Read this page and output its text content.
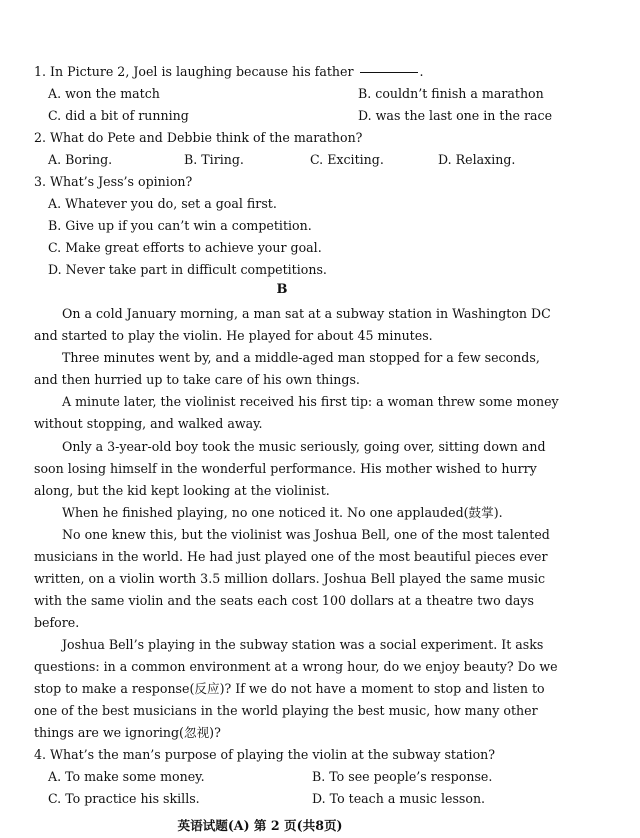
1. In Picture 2, Joel is laughing because his father	.
A. won the match	B. couldn’t finish a marathon
C. did a bit of running	D. was the last one in the race
2. What do Pete and Debbie think of the marathon?
A. Boring.	B. Tiring.	C. Exciting.	D. Relaxing.
3. What’s Jess’s opinion?
A. Whatever you do, set a goal first.
B. Give up if you can’t win a competition.
C. Make great efforts to achieve your goal.
D. Never take part in difficult competitions.
B
On a cold January morning, a man sat at a subway station in Washington DC
and started to play the violin. He played for about 45 minutes.
Three minutes went by, and a middle-aged man stopped for a few seconds,
and then hurried up to take care of his own things.
A minute later, the violinist received his first tip: a woman threw some money
without stopping, and walked away.
Only a 3-year-old boy took the music seriously, going over, sitting down and
soon losing himself in the wonderful performance. His mother wished to hurry
along, but the kid kept looking at the violinist.
When he finished playing, no one noticed it. No one applauded(鼓掌).
No one knew this, but the violinist was Joshua Bell, one of the most talented
musicians in the world. He had just played one of the most beautiful pieces ever
written, on a violin worth 3.5 million dollars. Joshua Bell played the same music
with the same violin and the seats each cost 100 dollars at a theatre two days
before.
Joshua Bell’s playing in the subway station was a social experiment. It asks
questions: in a common environment at a wrong hour, do we enjoy beauty? Do we
stop to make a response(反应)? If we do not have a moment to stop and listen to
one of the best musicians in the world playing the best music, how many other
things are we ignoring(忽视)?
4. What’s the man’s purpose of playing the violin at the subway station?
A. To make some money.	B. To see people’s response.
C. To practice his skills.	D. To teach a music lesson.
英语试题(A) 第 2 页(共8页)
